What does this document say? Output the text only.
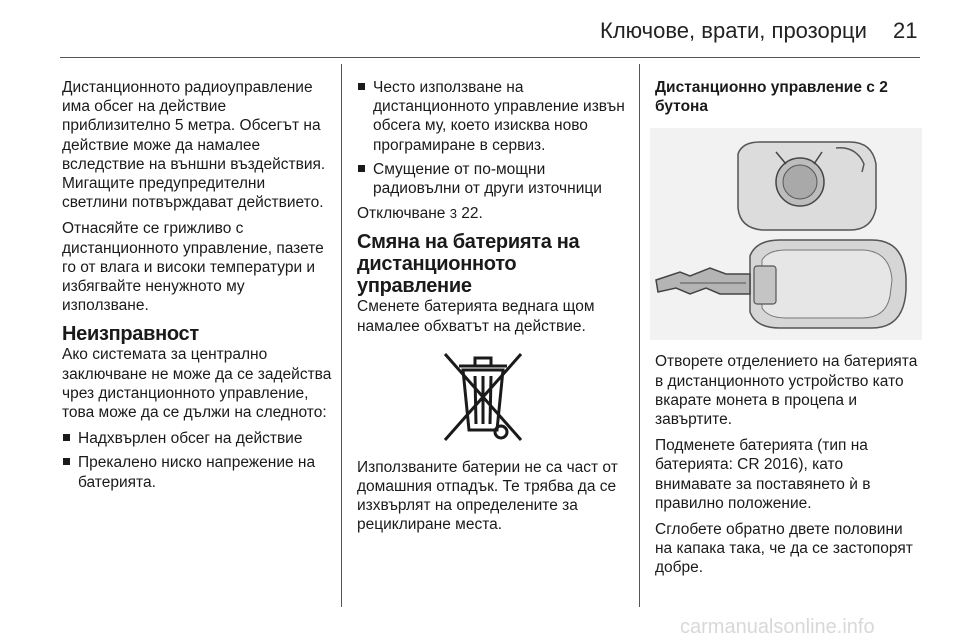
Ключове, врати, прозорци 21

Дистанционното радиоуправление има обсег на действие приблизително 5 метра. Обсегът на действие може да намалее вследствие на външни въздействия. Мигащите предупредителни светлини потвърждават действието.

Отнасяйте се грижливо с дистанционното управление, пазете го от влага и високи температури и избягвайте ненужното му използване.

Неизправност

Ако системата за централно заключване не може да се задейства чрез дистанционното управление, това може да се дължи на следното:

Надхвърлен обсег на действие
Прекалено ниско напрежение на батерията.
Често използване на дистанционното управление извън обсега му, което изисква ново програмиране в сервиз.
Смущение от по-мощни радиовълни от други източници

Отключване 3 22.

Смяна на батерията на дистанционното управление

Сменете батерията веднага щом намалее обхватът на действие.

Използваните батерии не са част от домашния отпадък. Те трябва да се изхвърлят на определените за рециклиране места.

Дистанционно управление с 2 бутона

Отворете отделението на батерията в дистанционното устройство като вкарате монета в процепа и завъртите.

Подменете батерията (тип на батерията: CR 2016), като внимавате за поставянето ѝ в правилно положение.

Сглобете обратно двете половини на капака така, че да се застопорят добре.

carmanualsonline.info
